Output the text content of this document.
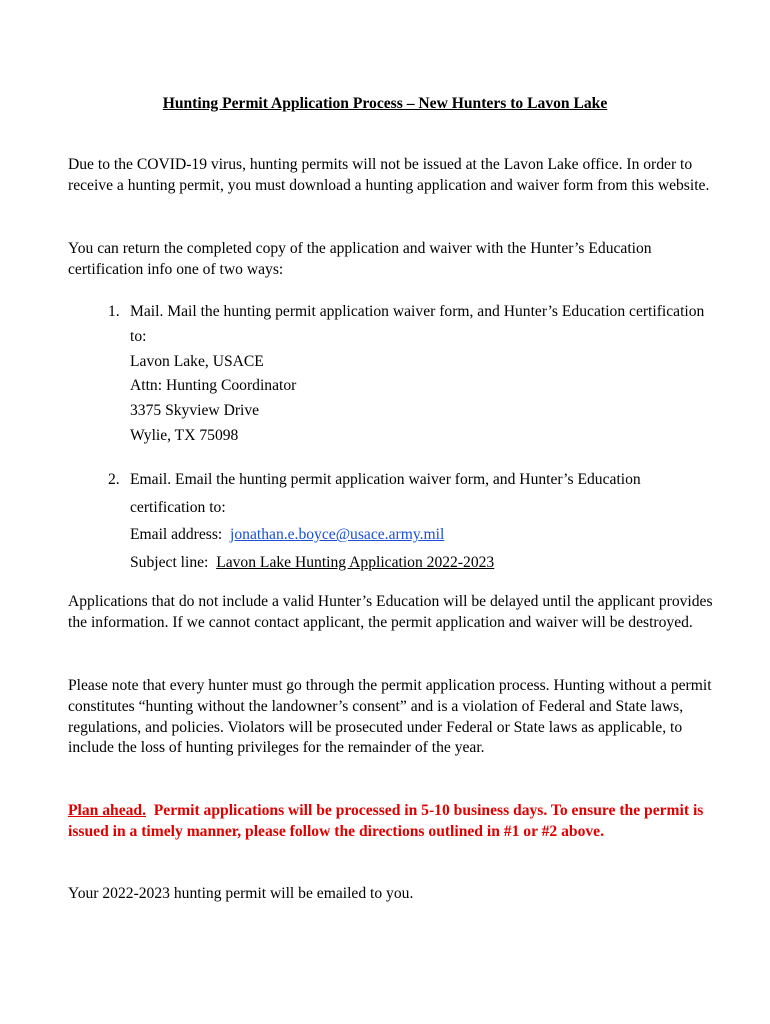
Hunting Permit Application Process – New Hunters to Lavon Lake

Due to the COVID-19 virus, hunting permits will not be issued at the Lavon Lake office. In order to receive a hunting permit, you must download a hunting application and waiver form from this website.

You can return the completed copy of the application and waiver with the Hunter’s Education certification info one of two ways:

1. Mail. Mail the hunting permit application waiver form, and Hunter’s Education certification to:
Lavon Lake, USACE
Attn: Hunting Coordinator
3375 Skyview Drive
Wylie, TX 75098
2. Email. Email the hunting permit application waiver form, and Hunter’s Education certification to:
Email address: jonathan.e.boyce@usace.army.mil
Subject line: Lavon Lake Hunting Application 2022-2023

Applications that do not include a valid Hunter’s Education will be delayed until the applicant provides the information. If we cannot contact applicant, the permit application and waiver will be destroyed.

Please note that every hunter must go through the permit application process. Hunting without a permit constitutes “hunting without the landowner’s consent” and is a violation of Federal and State laws, regulations, and policies. Violators will be prosecuted under Federal or State laws as applicable, to include the loss of hunting privileges for the remainder of the year.

Plan ahead. Permit applications will be processed in 5-10 business days. To ensure the permit is issued in a timely manner, please follow the directions outlined in #1 or #2 above.

Your 2022-2023 hunting permit will be emailed to you.
